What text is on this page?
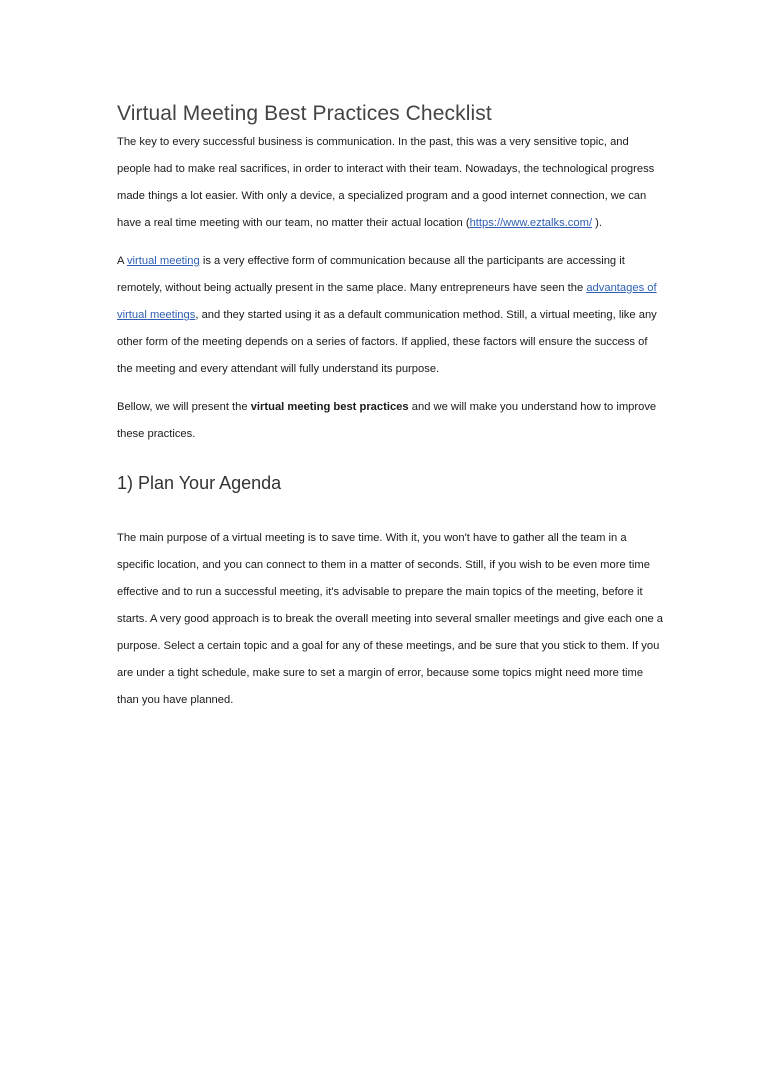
Virtual Meeting Best Practices Checklist

The key to every successful business is communication. In the past, this was a very sensitive topic, and people had to make real sacrifices, in order to interact with their team. Nowadays, the technological progress made things a lot easier. With only a device, a specialized program and a good internet connection, we can have a real time meeting with our team, no matter their actual location (https://www.eztalks.com/ ).

A virtual meeting is a very effective form of communication because all the participants are accessing it remotely, without being actually present in the same place. Many entrepreneurs have seen the advantages of virtual meetings, and they started using it as a default communication method. Still, a virtual meeting, like any other form of the meeting depends on a series of factors. If applied, these factors will ensure the success of the meeting and every attendant will fully understand its purpose.

Bellow, we will present the virtual meeting best practices and we will make you understand how to improve these practices.

1) Plan Your Agenda

The main purpose of a virtual meeting is to save time. With it, you won't have to gather all the team in a specific location, and you can connect to them in a matter of seconds. Still, if you wish to be even more time effective and to run a successful meeting, it's advisable to prepare the main topics of the meeting, before it starts. A very good approach is to break the overall meeting into several smaller meetings and give each one a purpose. Select a certain topic and a goal for any of these meetings, and be sure that you stick to them. If you are under a tight schedule, make sure to set a margin of error, because some topics might need more time than you have planned.
